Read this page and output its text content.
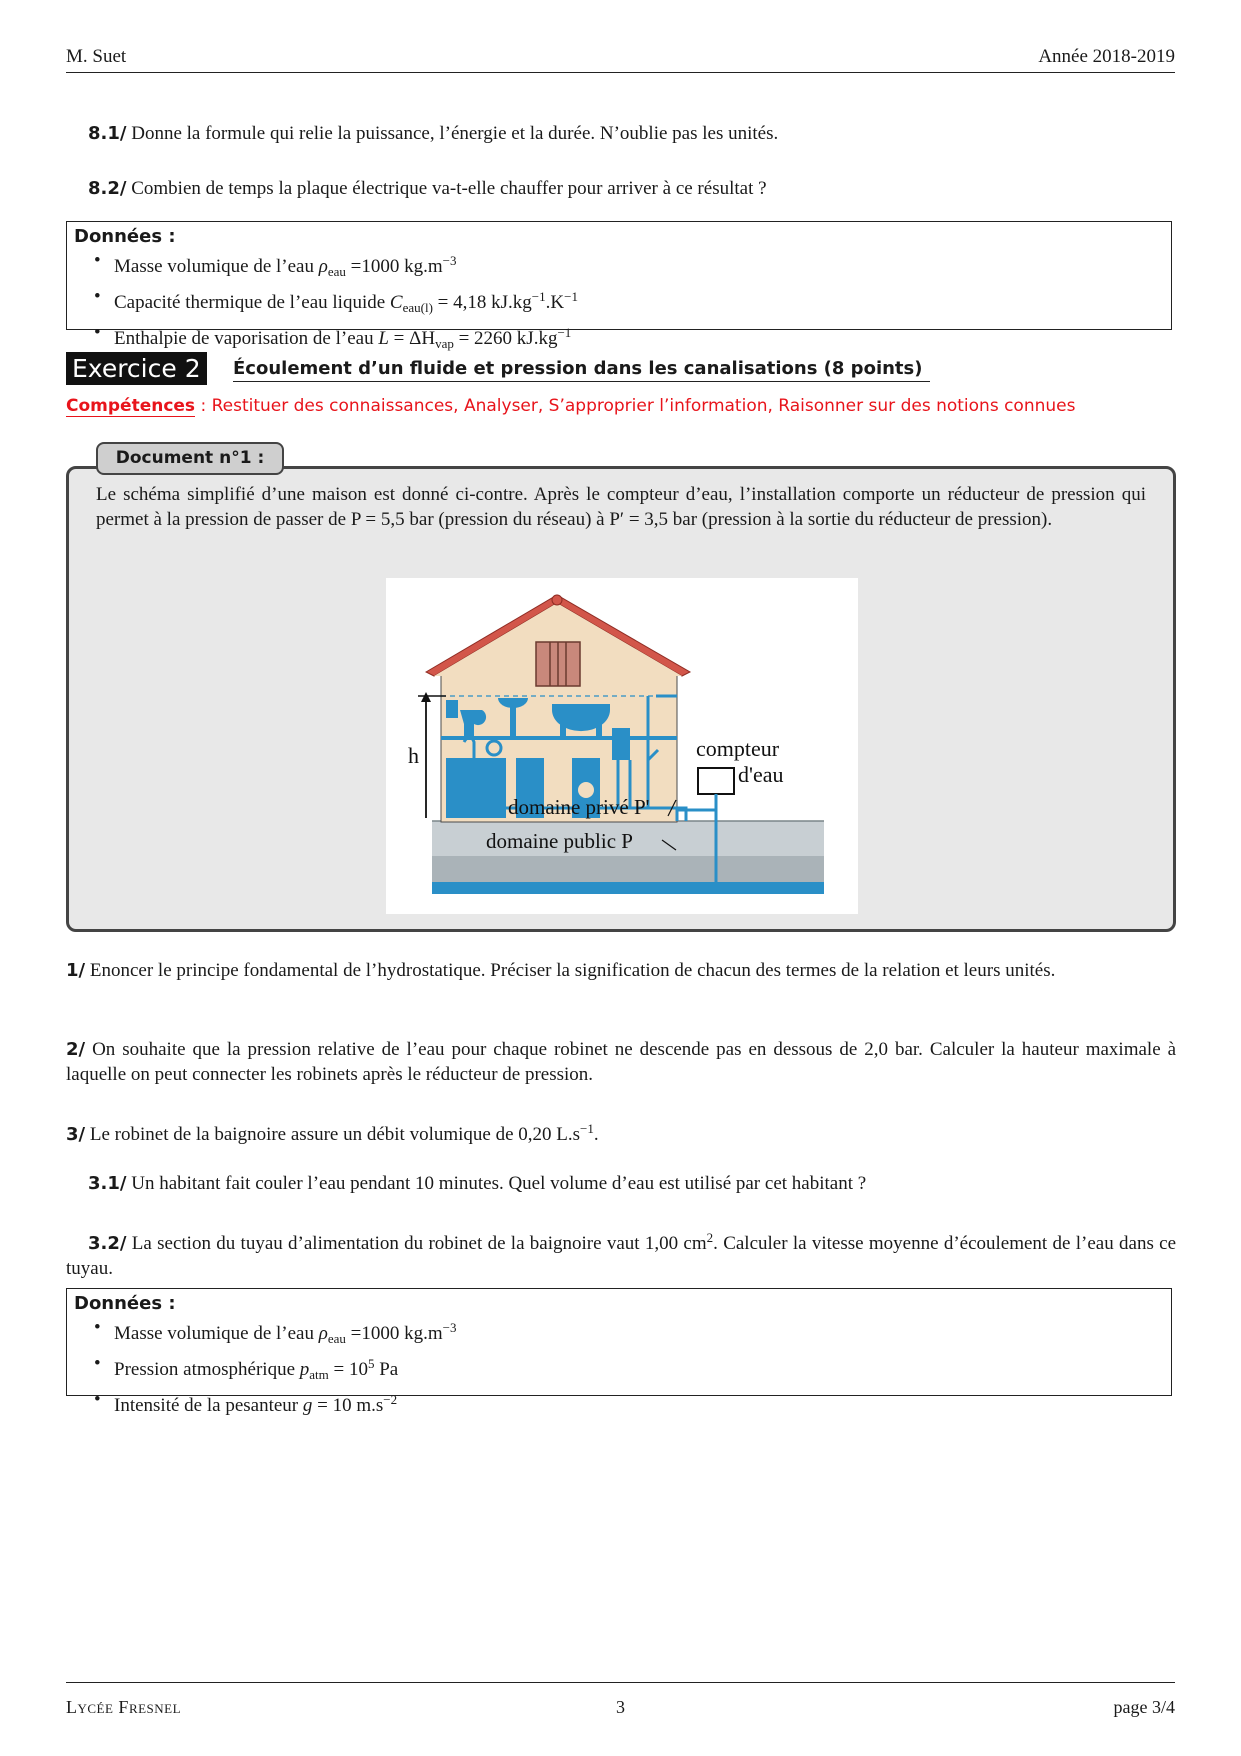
M. Suet	Année 2018-2019
8.1/ Donne la formule qui relie la puissance, l’énergie et la durée. N’oublie pas les unités.
8.2/ Combien de temps la plaque électrique va-t-elle chauffer pour arriver à ce résultat ?
Données :
• Masse volumique de l’eau $\rho_{eau} =1000$ $kg.m^{-3}$
• Capacité thermique de l’eau liquide $C_{eau(l)} = 4,18$ $kJ.kg^{-1}.K^{-1}$
• Enthalpie de vaporisation de l’eau $L = \Delta H_{vap} = 2260$ $kJ.kg^{-1}$
Exercice 2	Écoulement d’un fluide et pression dans les canalisations (8 points)
Compétences : Restituer des connaissances, Analyser, S’approprier l’information, Raisonner sur des notions connues
Document n°1 :
Le schéma simplifié d’une maison est donné ci-contre. Après le compteur d’eau, l’installation comporte un réducteur de pression qui permet à la pression de passer de P = 5,5 bar (pression du réseau) à P′ = 3,5 bar (pression à la sortie du réducteur de pression).
h	compteur
d'eau
domaine privé P'
domaine public P
1/ Enoncer le principe fondamental de l’hydrostatique. Préciser la signification de chacun des termes de la relation et leurs unités.
2/ On souhaite que la pression relative de l’eau pour chaque robinet ne descende pas en dessous de 2,0 bar. Calculer la hauteur maximale à laquelle on peut connecter les robinets après le réducteur de pression.
3/ Le robinet de la baignoire assure un débit volumique de 0,20 $L.s^{-1}$.
3.1/ Un habitant fait couler l’eau pendant 10 minutes. Quel volume d’eau est utilisé par cet habitant ?
3.2/ La section du tuyau d’alimentation du robinet de la baignoire vaut 1,00 $cm^2$. Calculer la vitesse moyenne d’écoulement de l’eau dans ce tuyau.
Données :
• Masse volumique de l’eau $\rho_{eau} =1000$ $kg.m^{-3}$
• Pression atmosphérique $p_{atm} = 10^5$ Pa
• Intensité de la pesanteur g = 10 $m.s^{-2}$
Lycée Fresnel	3	page 3/4
